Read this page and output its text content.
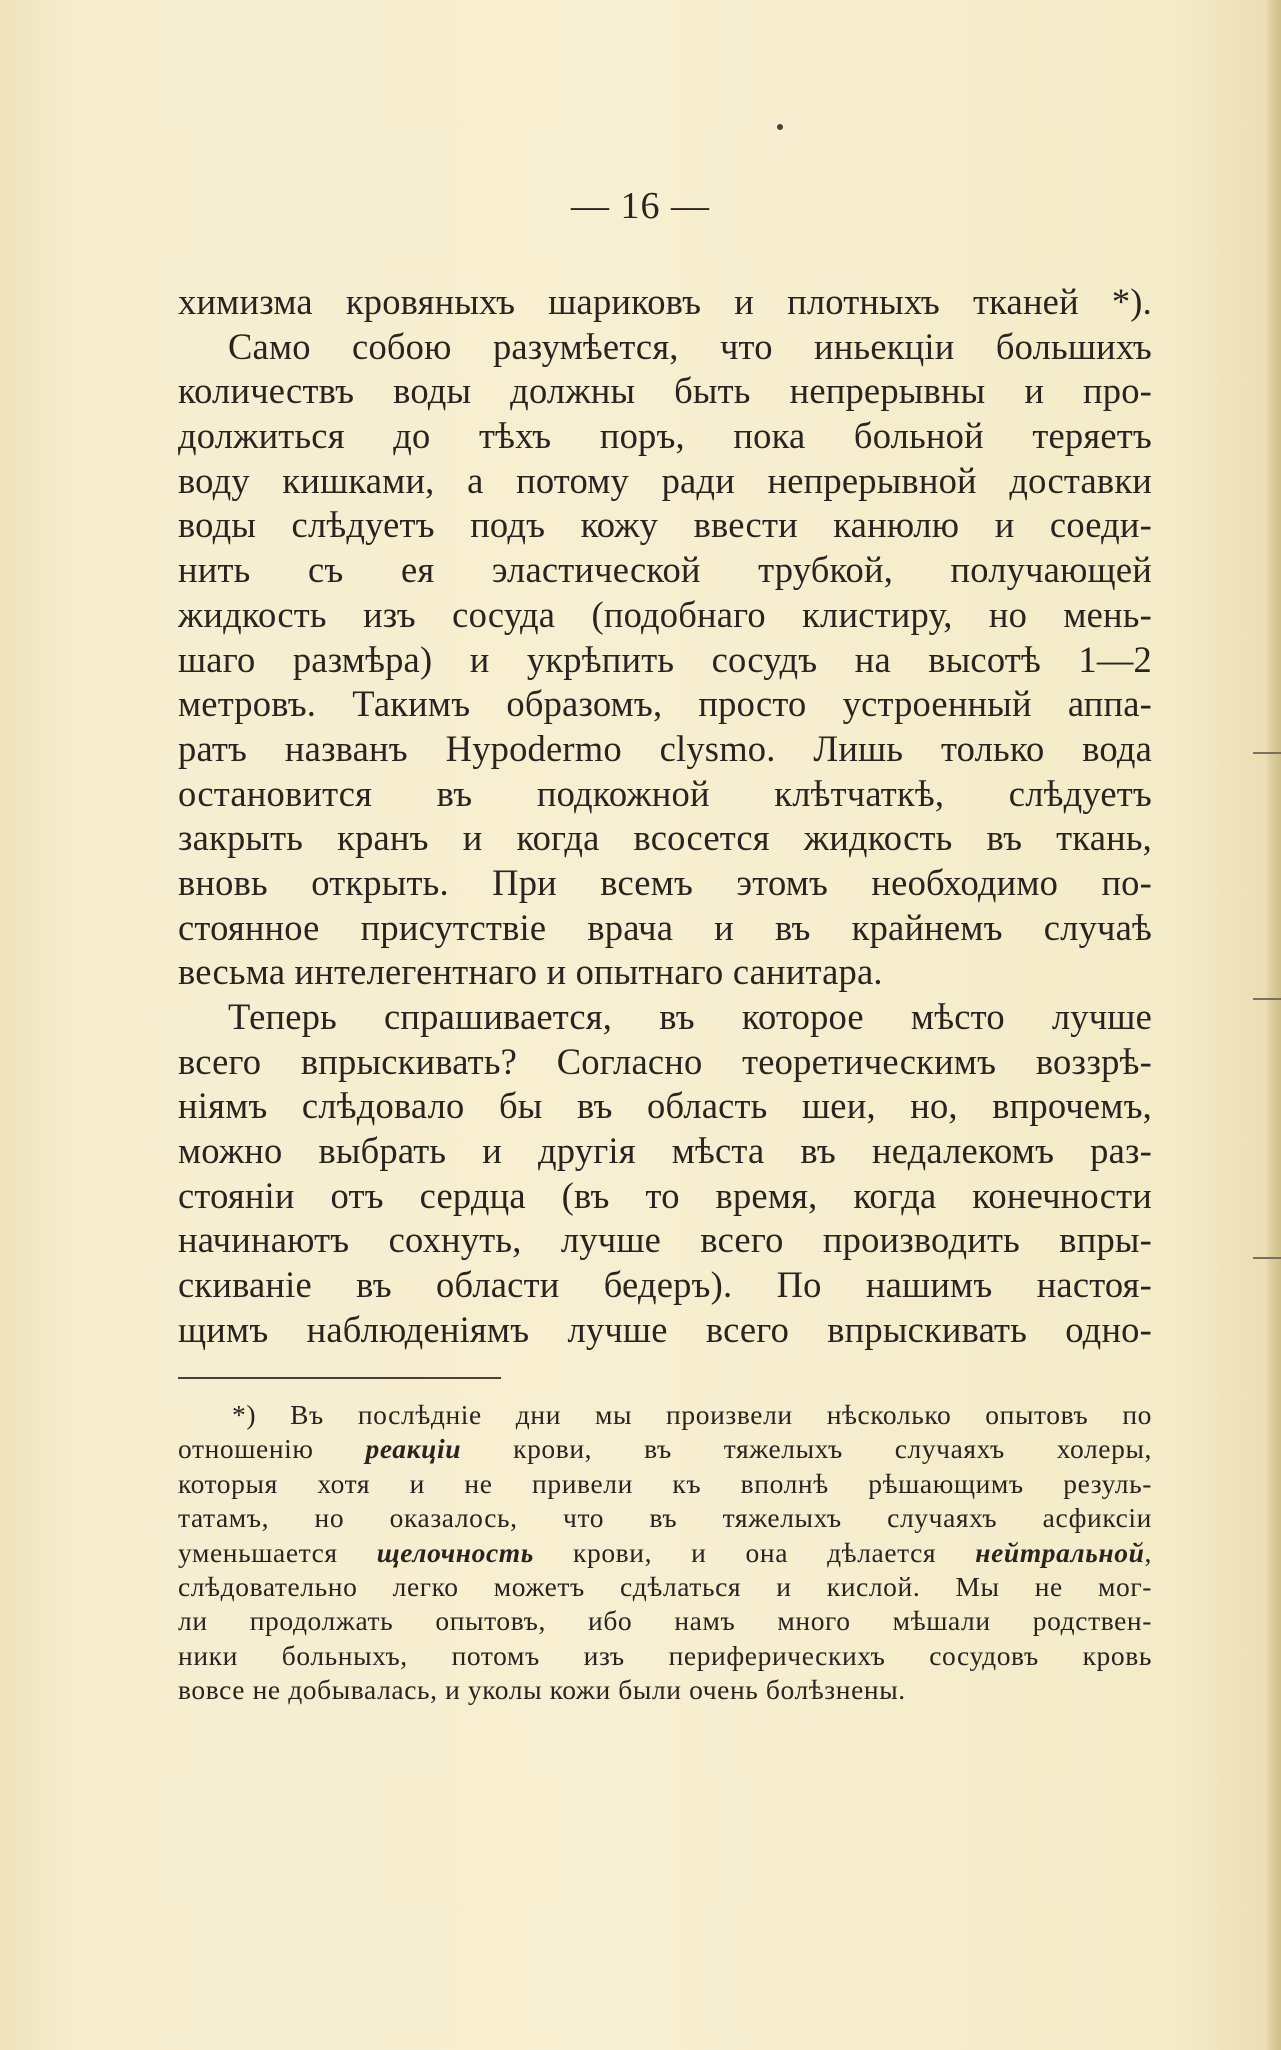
— 16 —
химизма кровяныхъ шариковъ и плотныхъ тканей *).
Само собою разумѣется, что иньекціи большихъ
количествъ воды должны быть непрерывны и про-
должиться до тѣхъ поръ, пока больной теряетъ
воду кишками, а потому ради непрерывной доставки
воды слѣдуетъ подъ кожу ввести канюлю и соеди-
нить съ ея эластической трубкой, получающей
жидкость изъ сосуда (подобнаго клистиру, но мень-
шаго размѣра) и укрѣпить сосудъ на высотѣ 1—2
метровъ. Такимъ образомъ, просто устроенный аппа-
ратъ названъ Hypodermo clysmo. Лишь только вода
остановится въ подкожной клѣтчаткѣ, слѣдуетъ
закрыть кранъ и когда всосется жидкость въ ткань,
вновь открыть. При всемъ этомъ необходимо по-
стоянное присутствіе врача и въ крайнемъ случаѣ
весьма интелегентнаго и опытнаго санитара.
Теперь спрашивается, въ которое мѣсто лучше
всего впрыскивать? Согласно теоретическимъ воззрѣ-
ніямъ слѣдовало бы въ область шеи, но, впрочемъ,
можно выбрать и другія мѣста въ недалекомъ раз-
стояніи отъ сердца (въ то время, когда конечности
начинаютъ сохнуть, лучше всего производить впры-
скиваніе въ области бедеръ). По нашимъ настоя-
щимъ наблюденіямъ лучше всего впрыскивать одно-
*) Въ послѣдніе дни мы произвели нѣсколько опытовъ по
отношенію реакціи крови, въ тяжелыхъ случаяхъ холеры,
которыя хотя и не привели къ вполнѣ рѣшающимъ резуль-
татамъ, но оказалось, что въ тяжелыхъ случаяхъ асфиксіи
уменьшается щелочность крови, и она дѣлается нейтральной,
слѣдовательно легко можетъ сдѣлаться и кислой. Мы не мог-
ли продолжать опытовъ, ибо намъ много мѣшали родствен-
ники больныхъ, потомъ изъ периферическихъ сосудовъ кровь
вовсе не добывалась, и уколы кожи были очень болѣзнены.
